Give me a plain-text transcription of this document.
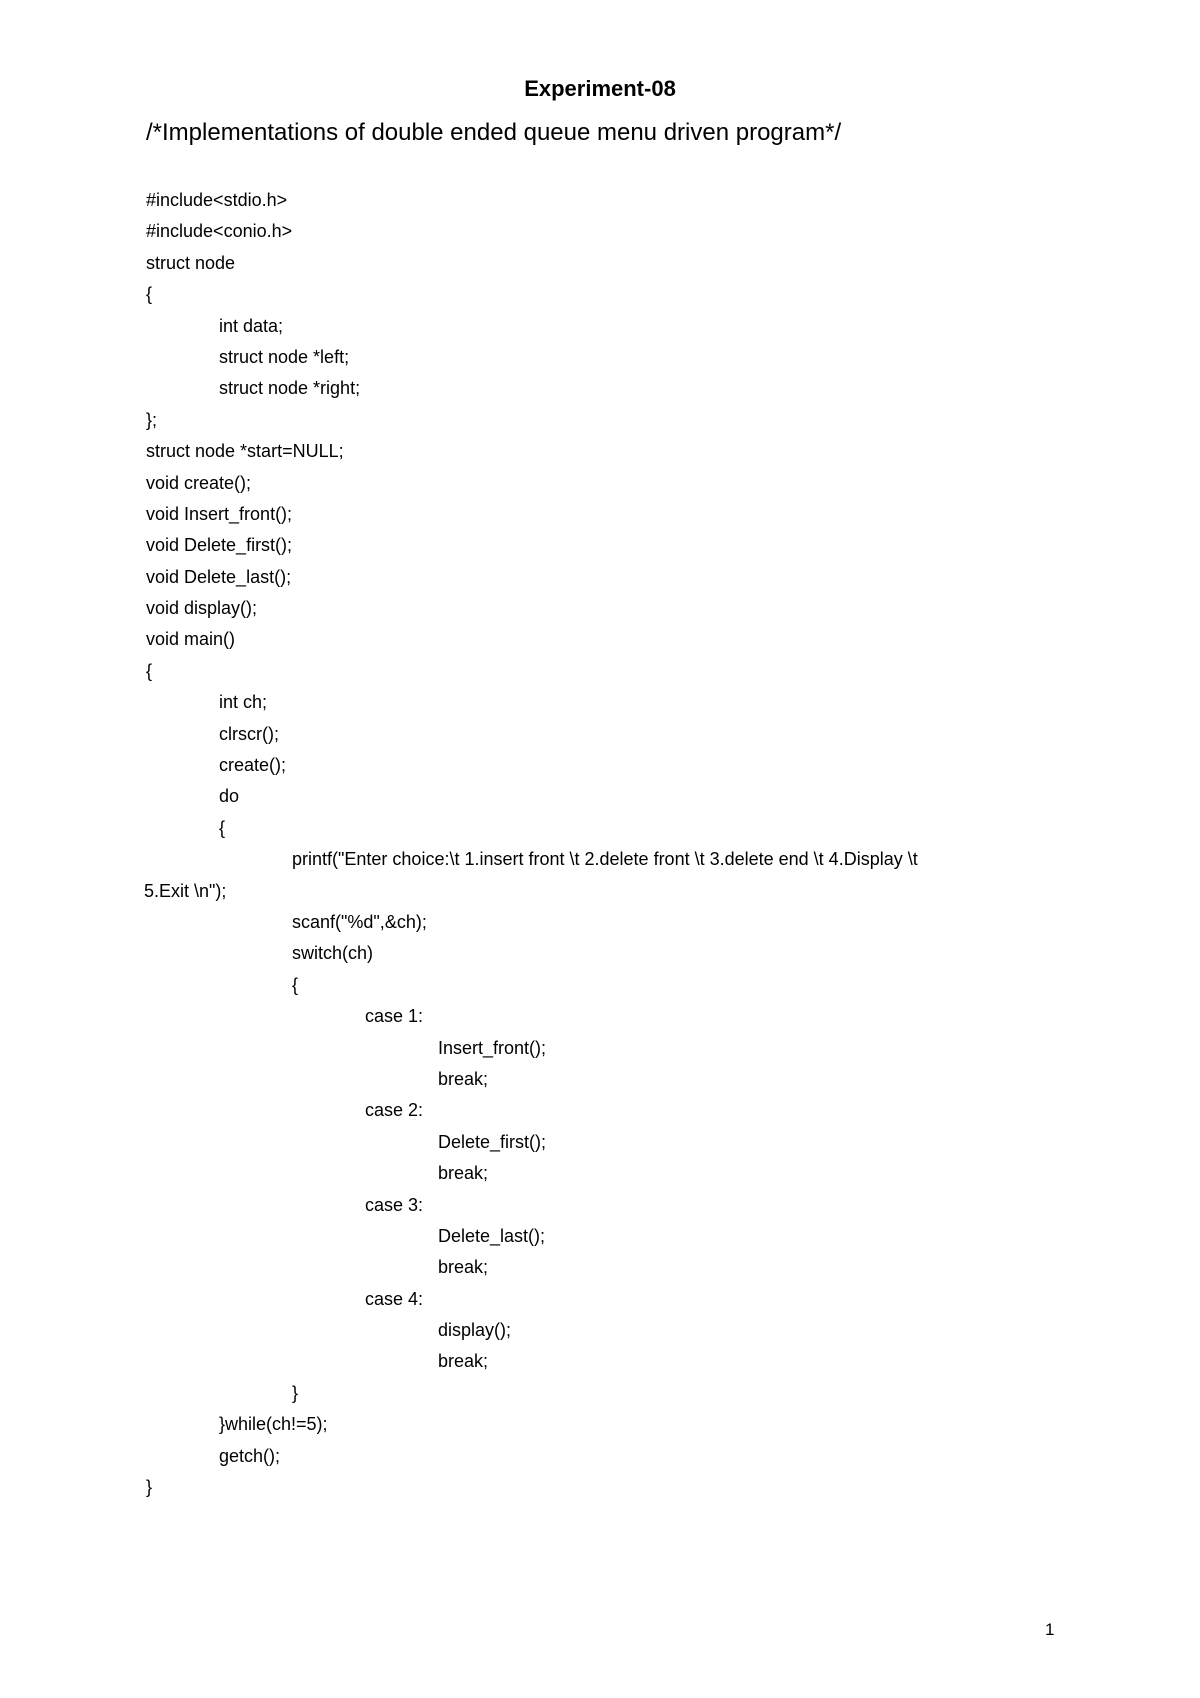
Experiment-08
/*Implementations of double ended queue menu driven program*/
#include<stdio.h>
#include<conio.h>
struct node
{
int data;
struct node *left;
struct node *right;
};
struct node *start=NULL;
void create();
void Insert_front();
void Delete_first();
void Delete_last();
void display();
void main()
{
int ch;
clrscr();
create();
do
{
printf("Enter choice:\t 1.insert front \t 2.delete front \t 3.delete end \t 4.Display \t
5.Exit \n");
scanf("%d",&ch);
switch(ch)
{
case 1:
Insert_front();
break;
case 2:
Delete_first();
break;
case 3:
Delete_last();
break;
case 4:
display();
break;
}
}while(ch!=5);
getch();
}
1
